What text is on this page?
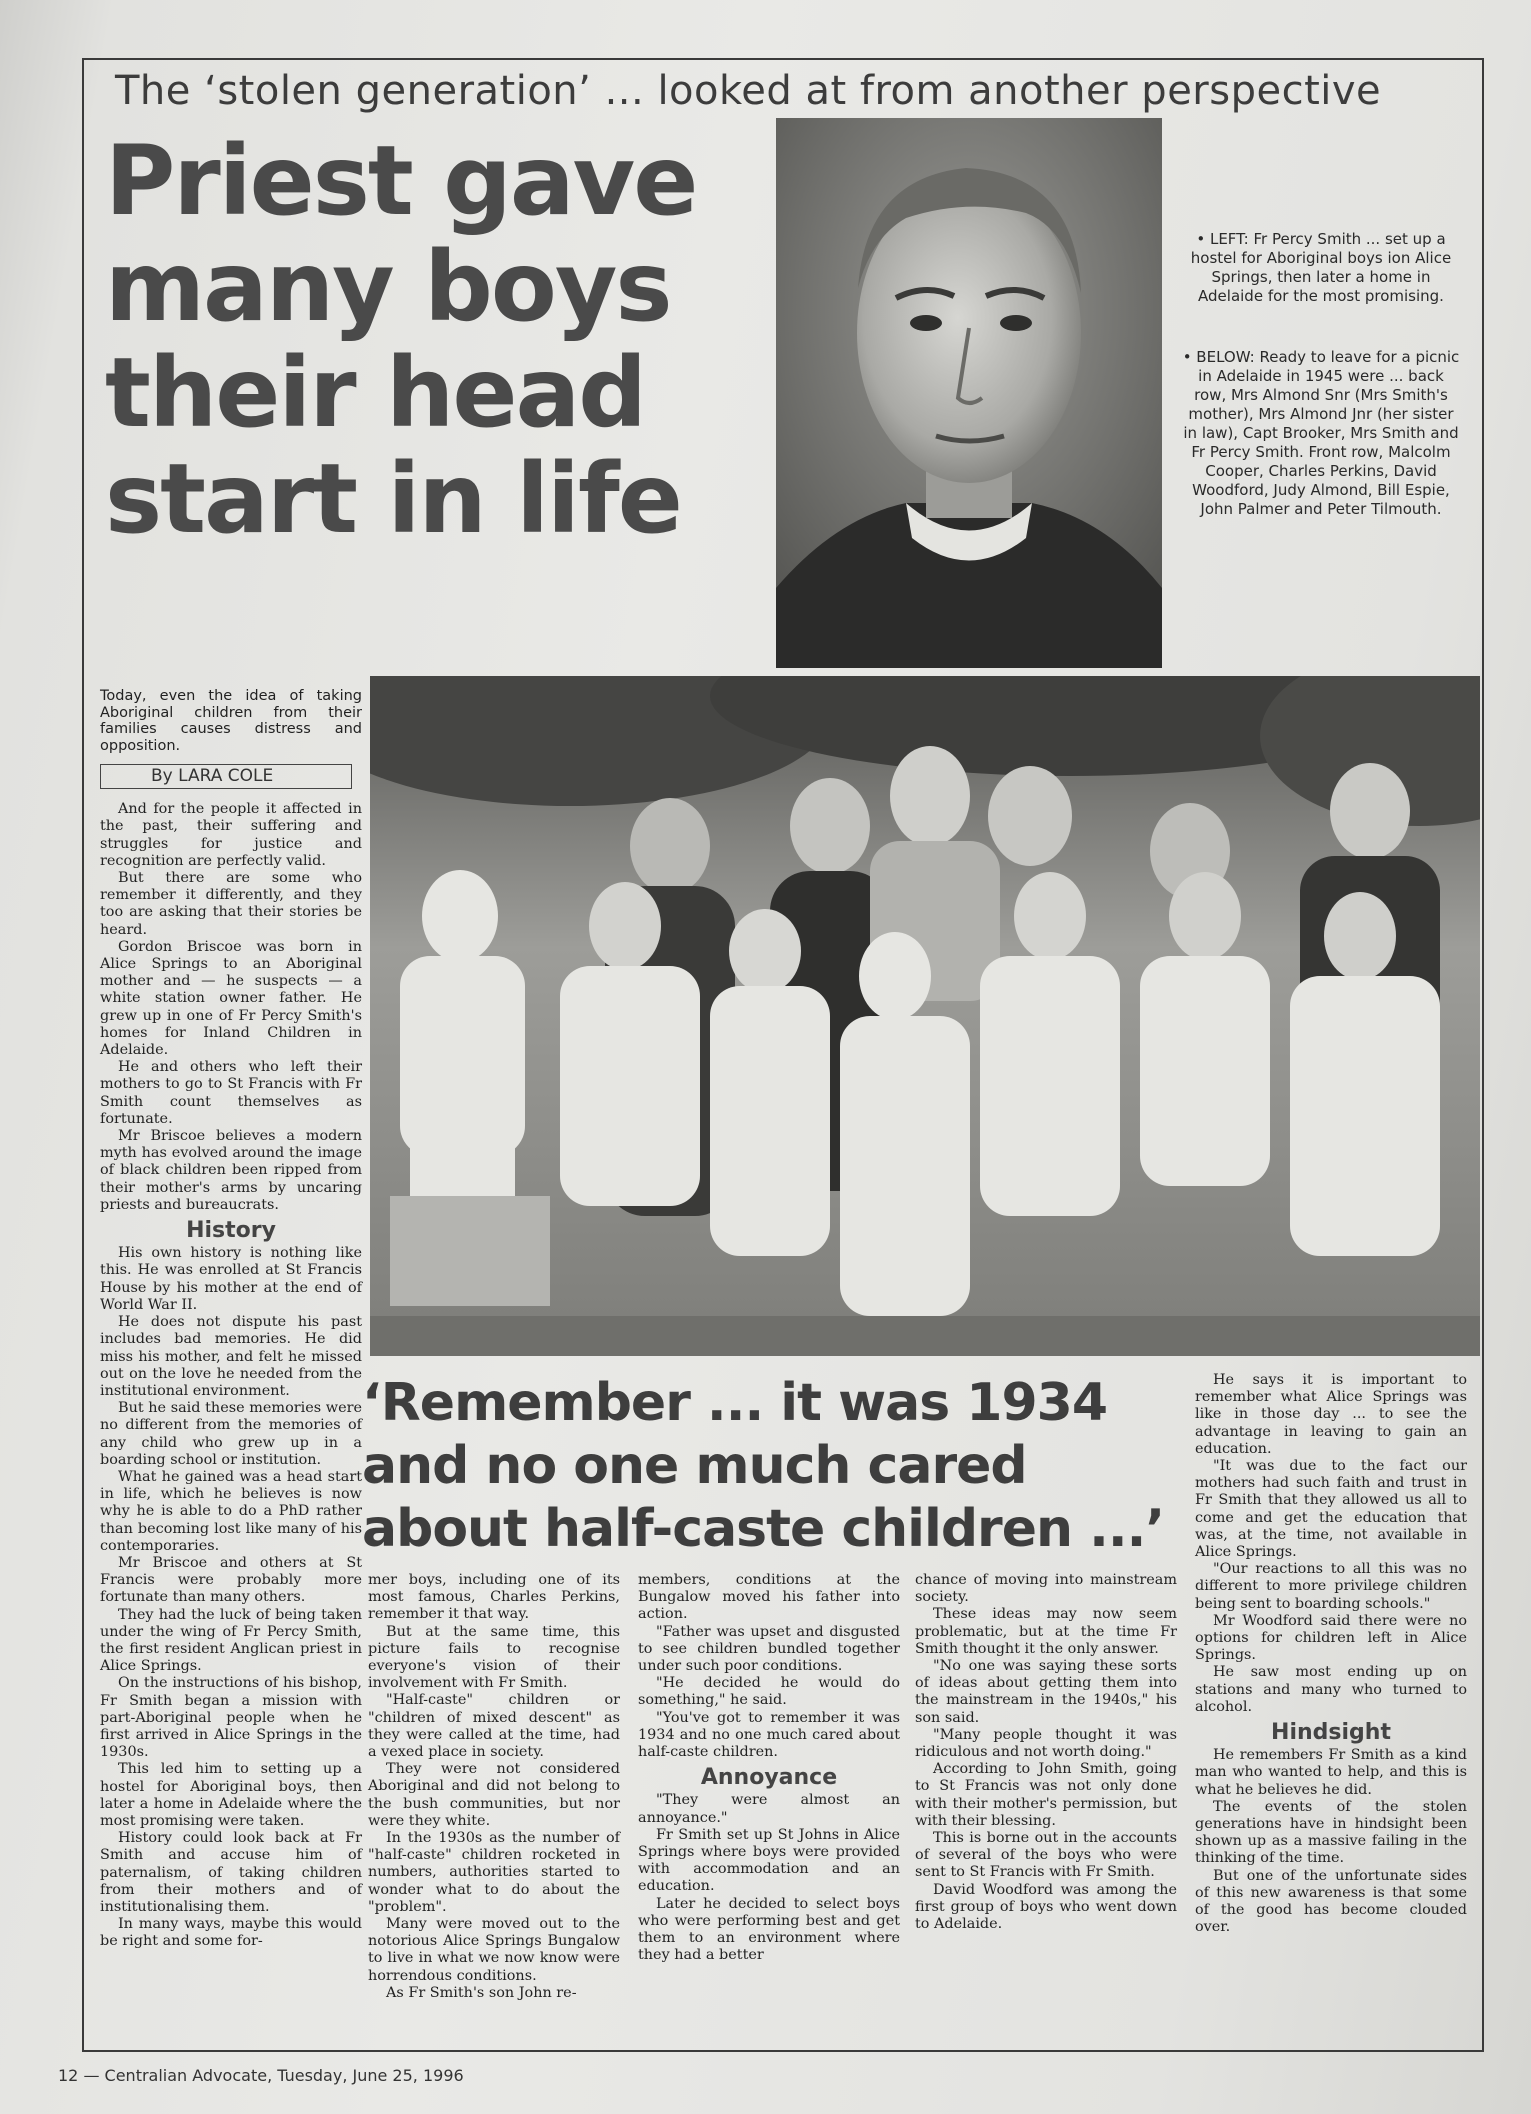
The ‘stolen generation’ ... looked at from another perspective
Priest gave
many boys
their head
start in life
• LEFT: Fr Percy Smith ... set up a hostel for Aboriginal boys ion Alice Springs, then later a home in Adelaide for the most promising.
• BELOW: Ready to leave for a picnic in Adelaide in 1945 were ... back row, Mrs Almond Snr (Mrs Smith's mother), Mrs Almond Jnr (her sister in law), Capt Brooker, Mrs Smith and Fr Percy Smith. Front row, Malcolm Cooper, Charles Perkins, David Woodford, Judy Almond, Bill Espie, John Palmer and Peter Tilmouth.

Today, even the idea of taking Aboriginal children from their families causes distress and opposition.

By LARA COLE

And for the people it affected in the past, their suffering and struggles for justice and recognition are perfectly valid.

But there are some who remember it differently, and they too are asking that their stories be heard.

Gordon Briscoe was born in Alice Springs to an Aboriginal mother and — he suspects — a white station owner father. He grew up in one of Fr Percy Smith's homes for Inland Children in Adelaide.

He and others who left their mothers to go to St Francis with Fr Smith count themselves as fortunate.

Mr Briscoe believes a modern myth has evolved around the image of black children been ripped from their mother's arms by uncaring priests and bureaucrats.

History

His own history is nothing like this. He was enrolled at St Francis House by his mother at the end of World War II.

He does not dispute his past includes bad memories. He did miss his mother, and felt he missed out on the love he needed from the institutional environment.

But he said these memories were no different from the memories of any child who grew up in a boarding school or institution.

What he gained was a head start in life, which he believes is now why he is able to do a PhD rather than becoming lost like many of his contemporaries.

Mr Briscoe and others at St Francis were probably more fortunate than many others.

They had the luck of being taken under the wing of Fr Percy Smith, the first resident Anglican priest in Alice Springs.

On the instructions of his bishop, Fr Smith began a mission with part-Aboriginal people when he first arrived in Alice Springs in the 1930s.

This led him to setting up a hostel for Aboriginal boys, then later a home in Adelaide where the most promising were taken.

History could look back at Fr Smith and accuse him of paternalism, of taking children from their mothers and of institutionalising them.

In many ways, maybe this would be right and some for-

‘Remember ... it was 1934
and no one much cared
about half-caste children ...’

mer boys, including one of its most famous, Charles Perkins, remember it that way.

But at the same time, this picture fails to recognise everyone's vision of their involvement with Fr Smith.

"Half-caste" children or "children of mixed descent" as they were called at the time, had a vexed place in society.

They were not considered Aboriginal and did not belong to the bush communities, but nor were they white.

In the 1930s as the number of "half-caste" children rocketed in numbers, authorities started to wonder what to do about the "problem".

Many were moved out to the notorious Alice Springs Bungalow to live in what we now know were horrendous conditions.

As Fr Smith's son John re-

members, conditions at the Bungalow moved his father into action.

"Father was upset and disgusted to see children bundled together under such poor conditions.

"He decided he would do something," he said.

"You've got to remember it was 1934 and no one much cared about half-caste children.

Annoyance

"They were almost an annoyance."

Fr Smith set up St Johns in Alice Springs where boys were provided with accommodation and an education.

Later he decided to select boys who were performing best and get them to an environment where they had a better

chance of moving into mainstream society.

These ideas may now seem problematic, but at the time Fr Smith thought it the only answer.

"No one was saying these sorts of ideas about getting them into the mainstream in the 1940s," his son said.

"Many people thought it was ridiculous and not worth doing."

According to John Smith, going to St Francis was not only done with their mother's permission, but with their blessing.

This is borne out in the accounts of several of the boys who were sent to St Francis with Fr Smith.

David Woodford was among the first group of boys who went down to Adelaide.

He says it is important to remember what Alice Springs was like in those day ... to see the advantage in leaving to gain an education.

"It was due to the fact our mothers had such faith and trust in Fr Smith that they allowed us all to come and get the education that was, at the time, not available in Alice Springs.

"Our reactions to all this was no different to more privilege children being sent to boarding schools."

Mr Woodford said there were no options for children left in Alice Springs.

He saw most ending up on stations and many who turned to alcohol.

Hindsight

He remembers Fr Smith as a kind man who wanted to help, and this is what he believes he did.

The events of the stolen generations have in hindsight been shown up as a massive failing in the thinking of the time.

But one of the unfortunate sides of this new awareness is that some of the good has become clouded over.

12 — Centralian Advocate, Tuesday, June 25, 1996
